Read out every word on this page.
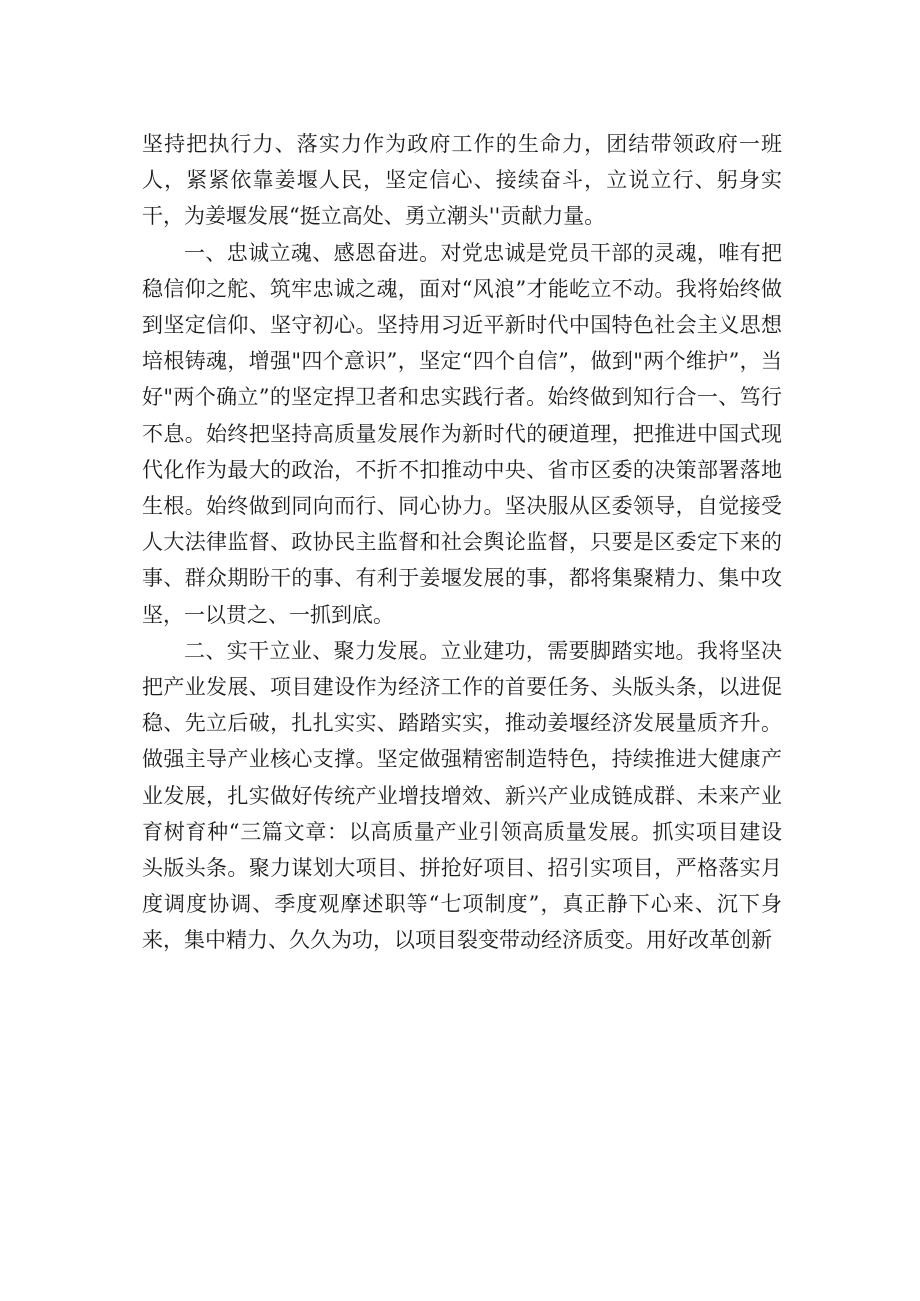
坚持把执行力、落实力作为政府工作的生命力，团结带领政府一班人，紧紧依靠姜堰人民，坚定信心、接续奋斗，立说立行、躬身实干，为姜堰发展“挺立高处、勇立潮头''贡献力量。

一、忠诚立魂、感恩奋进。对党忠诚是党员干部的灵魂，唯有把稳信仰之舵、筑牢忠诚之魂，面对“风浪”才能屹立不动。我将始终做到坚定信仰、坚守初心。坚持用习近平新时代中国特色社会主义思想培根铸魂，增强"四个意识”，坚定“四个自信”，做到"两个维护”，当好"两个确立”的坚定捍卫者和忠实践行者。始终做到知行合一、笃行不息。始终把坚持高质量发展作为新时代的硬道理，把推进中国式现代化作为最大的政治，不折不扣推动中央、省市区委的决策部署落地生根。始终做到同向而行、同心协力。坚决服从区委领导，自觉接受人大法律监督、政协民主监督和社会舆论监督，只要是区委定下来的事、群众期盼干的事、有利于姜堰发展的事，都将集聚精力、集中攻坚，一以贯之、一抓到底。

二、实干立业、聚力发展。立业建功，需要脚踏实地。我将坚决把产业发展、项目建设作为经济工作的首要任务、头版头条，以进促稳、先立后破，扎扎实实、踏踏实实，推动姜堰经济发展量质齐升。做强主导产业核心支撑。坚定做强精密制造特色，持续推进大健康产业发展，扎实做好传统产业增技增效、新兴产业成链成群、未来产业育树育种“三篇文章：以高质量产业引领高质量发展。抓实项目建设头版头条。聚力谋划大项目、拼抢好项目、招引实项目，严格落实月度调度协调、季度观摩述职等“七项制度”，真正静下心来、沉下身来，集中精力、久久为功，以项目裂变带动经济质变。用好改革创新
